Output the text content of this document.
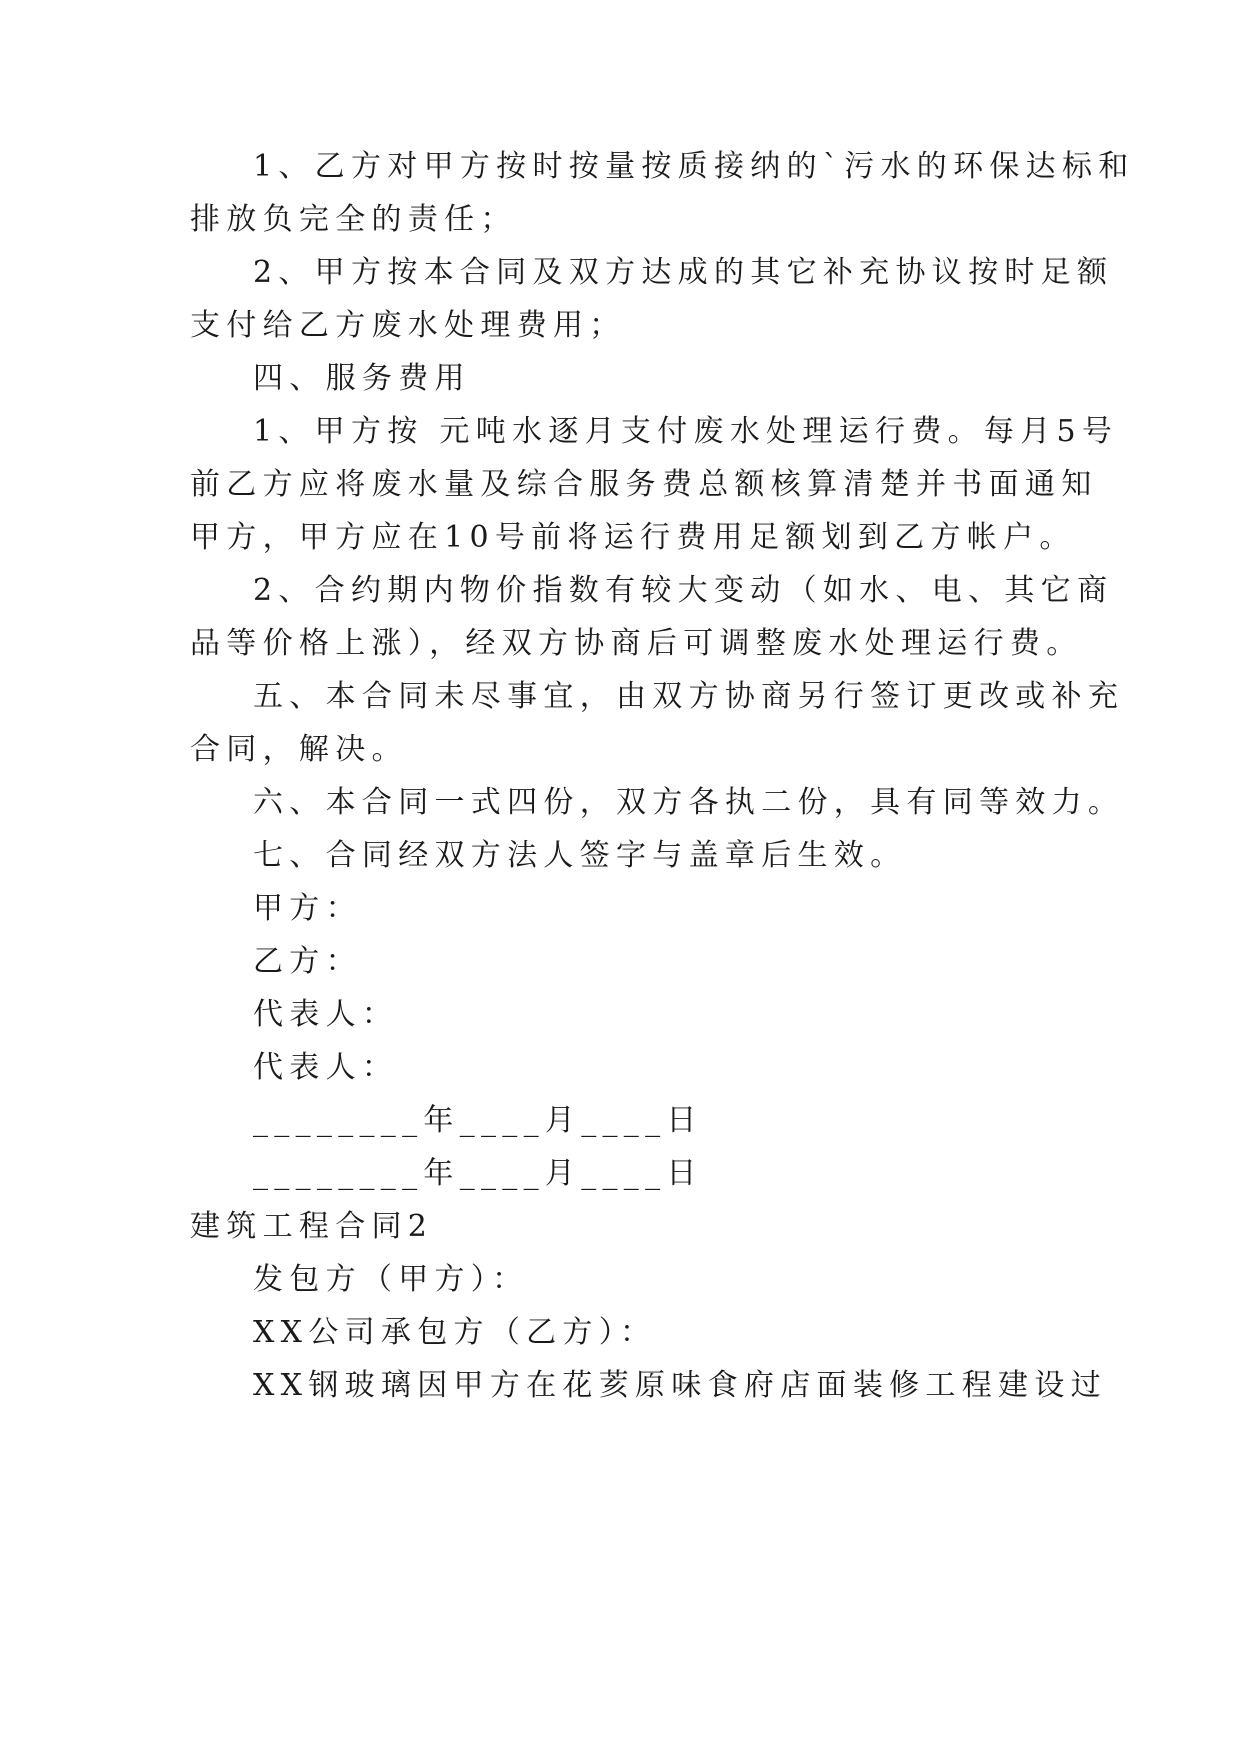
1、乙方对甲方按时按量按质接纳的`污水的环保达标和
排放负完全的责任；
2、甲方按本合同及双方达成的其它补充协议按时足额
支付给乙方废水处理费用；
四、服务费用
1、甲方按 元吨水逐月支付废水处理运行费。每月5号
前乙方应将废水量及综合服务费总额核算清楚并书面通知
甲方，甲方应在10号前将运行费用足额划到乙方帐户。
2、合约期内物价指数有较大变动（如水、电、其它商
品等价格上涨），经双方协商后可调整废水处理运行费。
五、本合同未尽事宜，由双方协商另行签订更改或补充
合同，解决。
六、本合同一式四份，双方各执二份，具有同等效力。
七、合同经双方法人签字与盖章后生效。
甲方：
乙方：
代表人：
代表人：
________年____月____日
________年____月____日
建筑工程合同2
发包方（甲方）：
XX公司承包方（乙方）：
XX钢玻璃因甲方在花荄原味食府店面装修工程建设过
